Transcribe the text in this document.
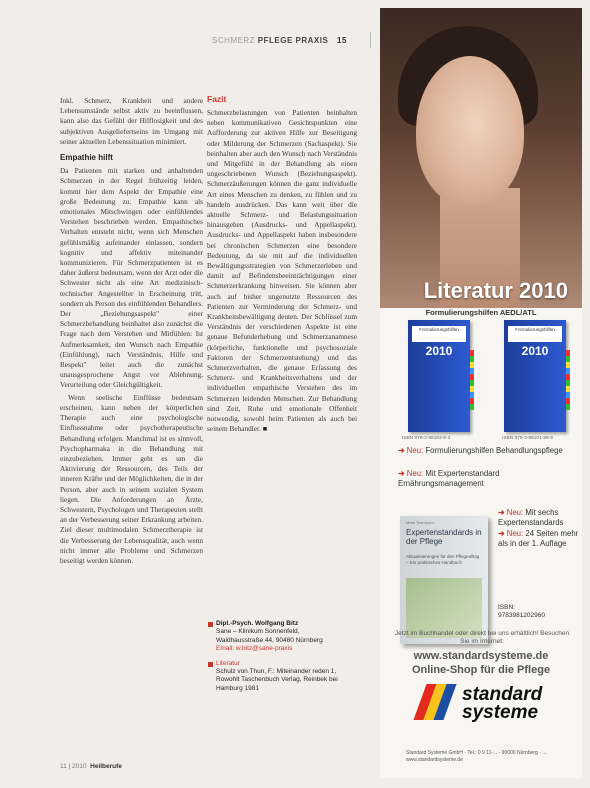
SCHMERZ PFLEGE PRAXIS 15

Inkl. Schmerz, Krankheit und andere Lebensumstände selbst aktiv zu beeinflussen, kann also das Gefühl der Hilflosigkeit und des subjektiven Ausgeliefertseins im Umgang mit seiner aktuellen Lebenssituation minimiert.

Empathie hilft

Da Patienten mit starken und anhaltenden Schmerzen in der Regel frühzeitig leiden, kommt hier dem Aspekt der Empathie eine große Bedeutung zu. Empathie kann als emotionales Mitschwingen oder einfühlendes Verstehen beschrieben werden. Empathisches Verhalten entsteht nicht, wenn sich Menschen gefühlsmäßig aufeinander einlassen, sondern kognitiv und affektiv miteinander kommunizieren. Für Schmerzpatienten ist es daher äußerst bedeutsam, wenn der Arzt oder die Schwester nicht als eine Art medizinisch-technischer Angestellter in Erscheinung tritt, sondern als Person des einfühlenden Behandlers. Der „Beziehungsaspekt" einer Schmerzbehandlung beinhaltet also zunächst die Frage nach dem Verstehen und Mitfühlen: Ist Aufmerksamkeit, den Wunsch nach Empathie (Einfühlung), nach Verständnis, Hilfe und Respekt" leitet auch die zunächst unausgesprochene Angst vor Ablehnung, Verurteilung oder Gleichgültigkeit.

Wenn seelische Einflüsse bedeutsam erscheinen, kann neben der körperlichen Therapie auch eine psychologische Einflussnahme oder psychotherapeutische Behandlung erfolgen. Manchmal ist es sinnvoll, Psychopharmaka in die Behandlung mit einzubeziehen. Immer geht es um die Aktivierung der Ressourcen, des Teils der inneren Kräfte und der Möglichkeiten, die in der Person, aber auch in seinem sozialen System liegen. Die Anforderungen an Ärzte, Schwestern, Psychologen und Therapeuten stellt an der Verbesserung seiner Erkrankung arbeiten. Ziel dieser multimodalen Schmerztherapie ist die Verbesserung der Lebensqualität, auch wenn nicht immer alle Probleme und Schmerzen beseitigt werden können.

Fazit

Schmerzbelastungen von Patienten beinhalten neben kommunikativen Gesichtspunkten eine Aufforderung zur aktiven Hilfe zur Beseitigung oder Milderung der Schmerzen (Sachaspekt). Sie beinhalten aber auch den Wunsch nach Verständnis und Mitgefühl in der Behandlung als einen ungeschriebenen Wunsch (Beziehungsaspekt). Schmerzäußerungen können die ganz individuelle Art eines Menschen zu denken, zu fühlen und zu handeln ausdrücken. Das kann weit über die aktuelle Schmerz- und Belastungssituation hinausgehen (Ausdrucks- und Appellaspekt). Ausdrucks- und Appellaspekt haben insbesondere bei chronischen Schmerzen eine besondere Bedeutung, da sie mit auf die individuellen Bewältigungsstrategien von Schmerzerleben und damit auf Befindensbeeinträchtigungen einer Schmerzerkrankung hinweisen. Sie können aber auch auf bisher ungenutzte Ressourcen des Patienten zur Verminderung der Schmerz- und Krankheitsbewältigung deuten. Der Schlüssel zum Verständnis der verschiedenen Aspekte ist eine genaue Befunderhebung und Schmerzanamnese (körperliche, funktionelle und psychosoziale Faktoren der Schmerzentstehung) und das Schmerzverhalten, die genaue Erfassung des Schmerz- und Krankheitsverhaltens und der individuellen empathische Verstehen des im Schmerzen leidenden Menschen. Zur Behandlung sind Zeit, Ruhe und emotionale Offenheit notwendig, sowohl beim Patienten als auch bei seinem Behandler. ■

Dipl.-Psych. Wolfgang Bitz
Sane – Klinikum Sonnenfeld,
Waldhausstraße 44, 90480 Nürnberg
Email: w.bitz@sane-praxis
Literatur
Schulz von Thun, F.: Miteinander reden 1, Rowohlt Taschenbuch Verlag, Reinbek bei Hamburg 1981
11 | 2010 Heilberufe
Literatur 2010
Formulierungshilfen AEDL/ATL
Formulierungshilfen
2010
Formulierungshilfen
2010
ISBN 978-3-98102-6-3	ISBN 978-3-98101-99-9
➜ Neu: Formulierungshilfen Behandlungspflege
➜ Neu: Mit Expertenstandard Ernährungsmanagement
Meta Teamhorn
Expertenstandards in der Pflege
Aktualisierungen für den Pflegealltag – Ein praktisches Handbuch
➜ Neu: Mit sechs Expertenstandards
➜ Neu: 24 Seiten mehr als in der 1. Auflage
ISBN:
9783981202960
Jetzt im Buchhandel oder direkt bei uns erhältlich! Besuchen Sie im Internet:
www.standardsysteme.de
Online-Shop für die Pflege
standard
systeme
Standard Systeme GmbH · Tel.: 0 9 11-... · 90000 Nürnberg · ... www.standardsysteme.de
